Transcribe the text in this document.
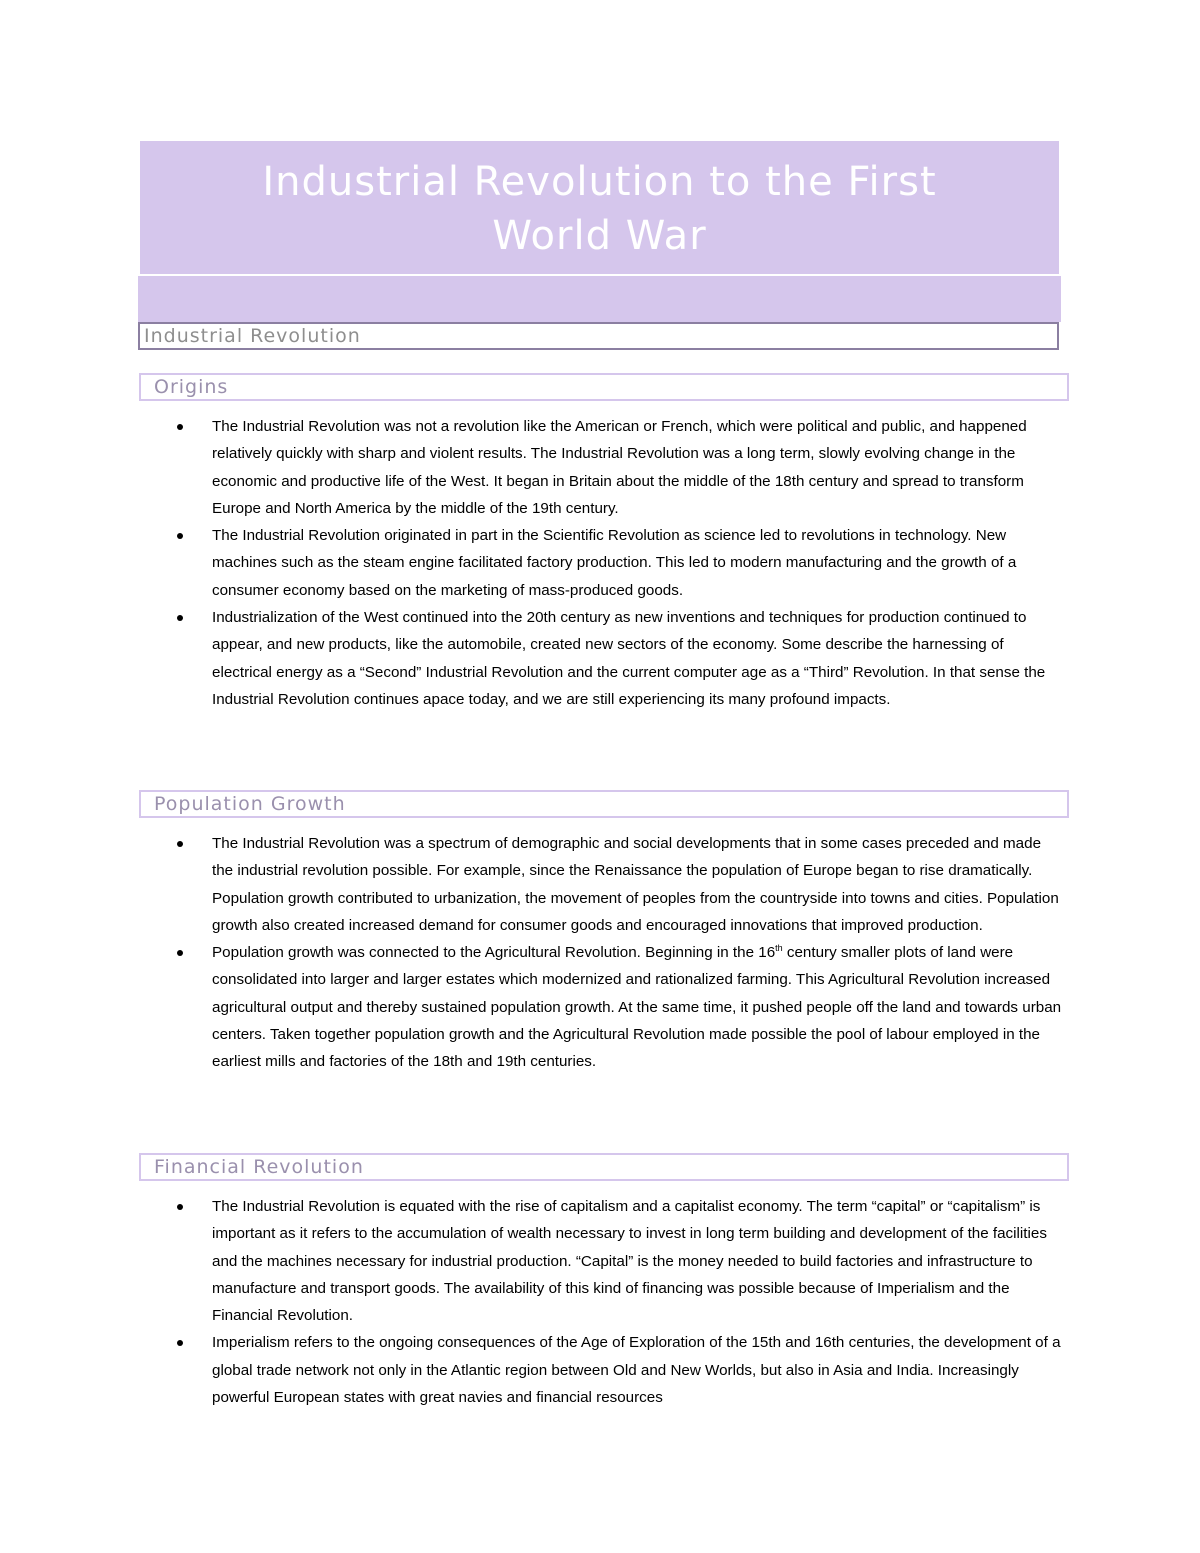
Industrial Revolution to the First
World War
Industrial Revolution
Origins
The Industrial Revolution was not a revolution like the American or French, which were political and public, and happened relatively quickly with sharp and violent results. The Industrial Revolution was a long term, slowly evolving change in the economic and productive life of the West. It began in Britain about the middle of the 18th century and spread to transform Europe and North America by the middle of the 19th century.
The Industrial Revolution originated in part in the Scientific Revolution as science led to revolutions in technology. New machines such as the steam engine facilitated factory production. This led to modern manufacturing and the growth of a consumer economy based on the marketing of mass-produced goods.
Industrialization of the West continued into the 20th century as new inventions and techniques for production continued to appear, and new products, like the automobile, created new sectors of the economy. Some describe the harnessing of electrical energy as a “Second” Industrial Revolution and the current computer age as a “Third” Revolution. In that sense the Industrial Revolution continues apace today, and we are still experiencing its many profound impacts.
Population Growth
The Industrial Revolution was a spectrum of demographic and social developments that in some cases preceded and made the industrial revolution possible. For example, since the Renaissance the population of Europe began to rise dramatically. Population growth contributed to urbanization, the movement of peoples from the countryside into towns and cities. Population growth also created increased demand for consumer goods and encouraged innovations that improved production.
Population growth was connected to the Agricultural Revolution. Beginning in the 16th century smaller plots of land were consolidated into larger and larger estates which modernized and rationalized farming. This Agricultural Revolution increased agricultural output and thereby sustained population growth. At the same time, it pushed people off the land and towards urban centers. Taken together population growth and the Agricultural Revolution made possible the pool of labour employed in the earliest mills and factories of the 18th and 19th centuries.
Financial Revolution
The Industrial Revolution is equated with the rise of capitalism and a capitalist economy. The term “capital” or “capitalism” is important as it refers to the accumulation of wealth necessary to invest in long term building and development of the facilities and the machines necessary for industrial production. “Capital” is the money needed to build factories and infrastructure to manufacture and transport goods. The availability of this kind of financing was possible because of Imperialism and the Financial Revolution.
Imperialism refers to the ongoing consequences of the Age of Exploration of the 15th and 16th centuries, the development of a global trade network not only in the Atlantic region between Old and New Worlds, but also in Asia and India. Increasingly powerful European states with great navies and financial resources
